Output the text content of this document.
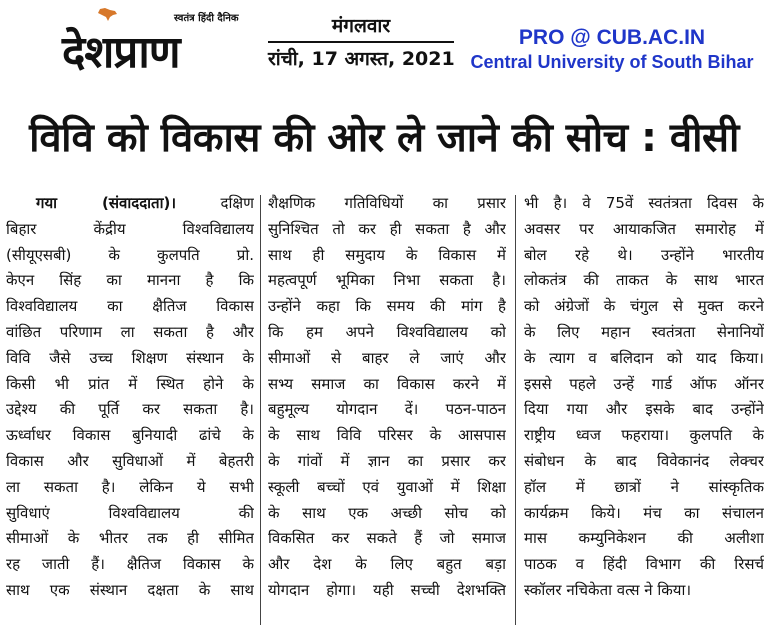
स्वतंत्र हिंदी दैनिक
देशप्राण
मंगलवार
रांची, 17 अगस्त, 2021
PRO @ CUB.AC.IN
Central University of South Bihar
विवि को विकास की ओर ले जाने की सोच : वीसी
गया (संवाददाता)।	दक्षिण
बिहार केंद्रीय विश्वविद्यालय
(सीयूएसबी) के कुलपति प्रो.
केएन सिंह का मानना है कि
विश्वविद्यालय का क्षैतिज विकास
वांछित परिणाम ला सकता है और
विवि जैसे उच्च शिक्षण संस्थान के
किसी भी प्रांत में स्थित होने के
उद्देश्य की पूर्ति कर सकता है।
ऊर्ध्वाधर विकास बुनियादी ढांचे के
विकास और सुविधाओं में बेहतरी
ला सकता है। लेकिन ये सभी
सुविधाएं विश्वविद्यालय की
सीमाओं के भीतर तक ही सीमित
रह जाती हैं। क्षैतिज विकास के
साथ एक संस्थान दक्षता के साथ
शैक्षणिक गतिविधियों का प्रसार
सुनिश्चित तो कर ही सकता है और
साथ ही समुदाय के विकास में
महत्वपूर्ण भूमिका निभा सकता है।
उन्होंने कहा कि समय की मांग है
कि हम अपने विश्वविद्यालय को
सीमाओं से बाहर ले जाएं और
सभ्य समाज का विकास करने में
बहुमूल्य योगदान दें। पठन-पाठन
के साथ विवि परिसर के आसपास
के गांवों में ज्ञान का प्रसार कर
स्कूली बच्चों एवं युवाओं में शिक्षा
के साथ एक अच्छी सोच को
विकसित कर सकते हैं जो समाज
और देश के लिए बहुत बड़ा
योगदान होगा। यही सच्ची देशभक्ति
भी है। वे 75वें स्वतंत्रता दिवस के
अवसर पर आयाकजित समारोह में
बोल रहे थे। उन्होंने भारतीय
लोकतंत्र की ताकत के साथ भारत
को अंग्रेजों के चंगुल से मुक्त करने
के लिए महान स्वतंत्रता सेनानियों
के त्याग व बलिदान को याद किया।
इससे पहले उन्हें गार्ड ऑफ ऑनर
दिया गया और इसके बाद उन्होंने
राष्ट्रीय ध्वज फहराया। कुलपति के
संबोधन के बाद विवेकानंद लेक्चर
हॉल में छात्रों ने सांस्कृतिक
कार्यक्रम किये। मंच का संचालन
मास कम्युनिकेशन की अलीशा
पाठक व हिंदी विभाग की रिसर्च
स्कॉलर नचिकेता वत्स ने किया।
